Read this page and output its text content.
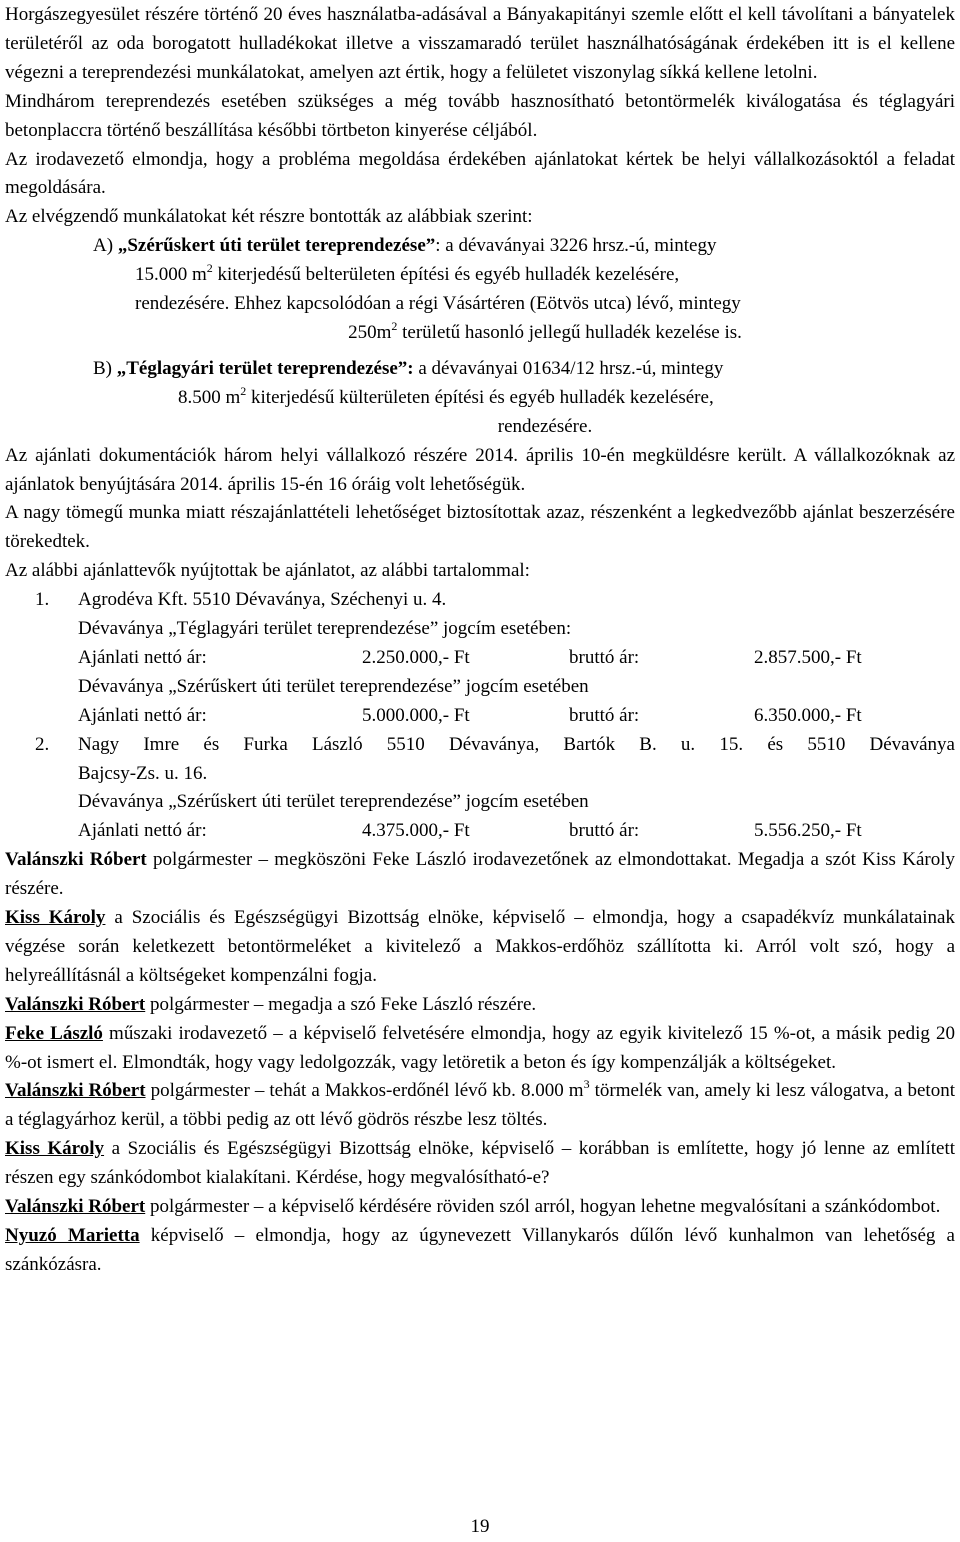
Horgászegyesület részére történő 20 éves használatba-adásával a Bányakapitányi szemle előtt el kell távolítani a bányatelek területéről az oda borogatott hulladékokat illetve a visszamaradó terület használhatóságának érdekében itt is el kellene végezni a tereprendezési munkálatokat, amelyen azt értik, hogy a felületet viszonylag síkká kellene letolni.

Mindhárom tereprendezés esetében szükséges a még tovább hasznosítható betontörmelék kiválogatása és téglagyári betonplaccra történő beszállítása későbbi törtbeton kinyerése céljából.

Az irodavezető elmondja, hogy a probléma megoldása érdekében ajánlatokat kértek be helyi vállalkozásoktól a feladat megoldására.

Az elvégzendő munkálatokat két részre bontották az alábbiak szerint:

A) „Szérűskert úti terület tereprendezése”: a dévaványai 3226 hrsz.-ú, mintegy

15.000 $m^2$ kiterjedésű belterületen építési és egyéb hulladék kezelésére,

rendezésére. Ehhez kapcsolódóan a régi Vásártéren (Eötvös utca) lévő, mintegy

$250m^2$ területű hasonló jellegű hulladék kezelése is.

B) „Téglagyári terület tereprendezése”: a dévaványai 01634/12 hrsz.-ú, mintegy

8.500 $m^2$ kiterjedésű külterületen építési és egyéb hulladék kezelésére,

rendezésére.

Az ajánlati dokumentációk három helyi vállalkozó részére 2014. április 10-én megküldésre került. A vállalkozóknak az ajánlatok benyújtására 2014. április 15-én 16 óráig volt lehetőségük.

A nagy tömegű munka miatt részajánlattételi lehetőséget biztosítottak azaz, részenként a legkedvezőbb ajánlat beszerzésére törekedtek.

Az alábbi ajánlattevők nyújtottak be ajánlatot, az alábbi tartalommal:

1. Agrodéva Kft. 5510 Dévaványa, Széchenyi u. 4.

Dévaványa „Téglagyári terület tereprendezése” jogcím esetében:

Ajánlati nettó ár:	2.250.000,- Ft	bruttó ár:	2.857.500,- Ft

Dévaványa „Szérűskert úti terület tereprendezése” jogcím esetében

Ajánlati nettó ár:	5.000.000,- Ft	bruttó ár:	6.350.000,- Ft

2. Nagy Imre és Furka László 5510 Dévaványa, Bartók B. u. 15. és 5510 Dévaványa

Bajcsy-Zs. u. 16.

Dévaványa „Szérűskert úti terület tereprendezése” jogcím esetében

Ajánlati nettó ár:	4.375.000,- Ft	bruttó ár:	5.556.250,- Ft

Valánszki Róbert polgármester – megköszöni Feke László irodavezetőnek az elmondottakat. Megadja a szót Kiss Károly részére.

Kiss Károly a Szociális és Egészségügyi Bizottság elnöke, képviselő – elmondja, hogy a csapadékvíz munkálatainak végzése során keletkezett betontörmeléket a kivitelező a Makkos-erdőhöz szállította ki. Arról volt szó, hogy a helyreállításnál a költségeket kompenzálni fogja.

Valánszki Róbert polgármester – megadja a szó Feke László részére.

Feke László műszaki irodavezető – a képviselő felvetésére elmondja, hogy az egyik kivitelező 15 %-ot, a másik pedig 20 %-ot ismert el. Elmondták, hogy vagy ledolgozzák, vagy letöretik a beton és így kompenzálják a költségeket.

Valánszki Róbert polgármester – tehát a Makkos-erdőnél lévő kb. 8.000 $m^3$ törmelék van, amely ki lesz válogatva, a betont a téglagyárhoz kerül, a többi pedig az ott lévő gödrös részbe lesz töltés.

Kiss Károly a Szociális és Egészségügyi Bizottság elnöke, képviselő – korábban is említette, hogy jó lenne az említett részen egy szánkódombot kialakítani. Kérdése, hogy megvalósítható-e?

Valánszki Róbert polgármester – a képviselő kérdésére röviden szól arról, hogyan lehetne megvalósítani a szánkódombot.

Nyuzó Marietta képviselő – elmondja, hogy az úgynevezett Villanykarós dűlőn lévő kunhalmon van lehetőség a szánkózásra.

19
